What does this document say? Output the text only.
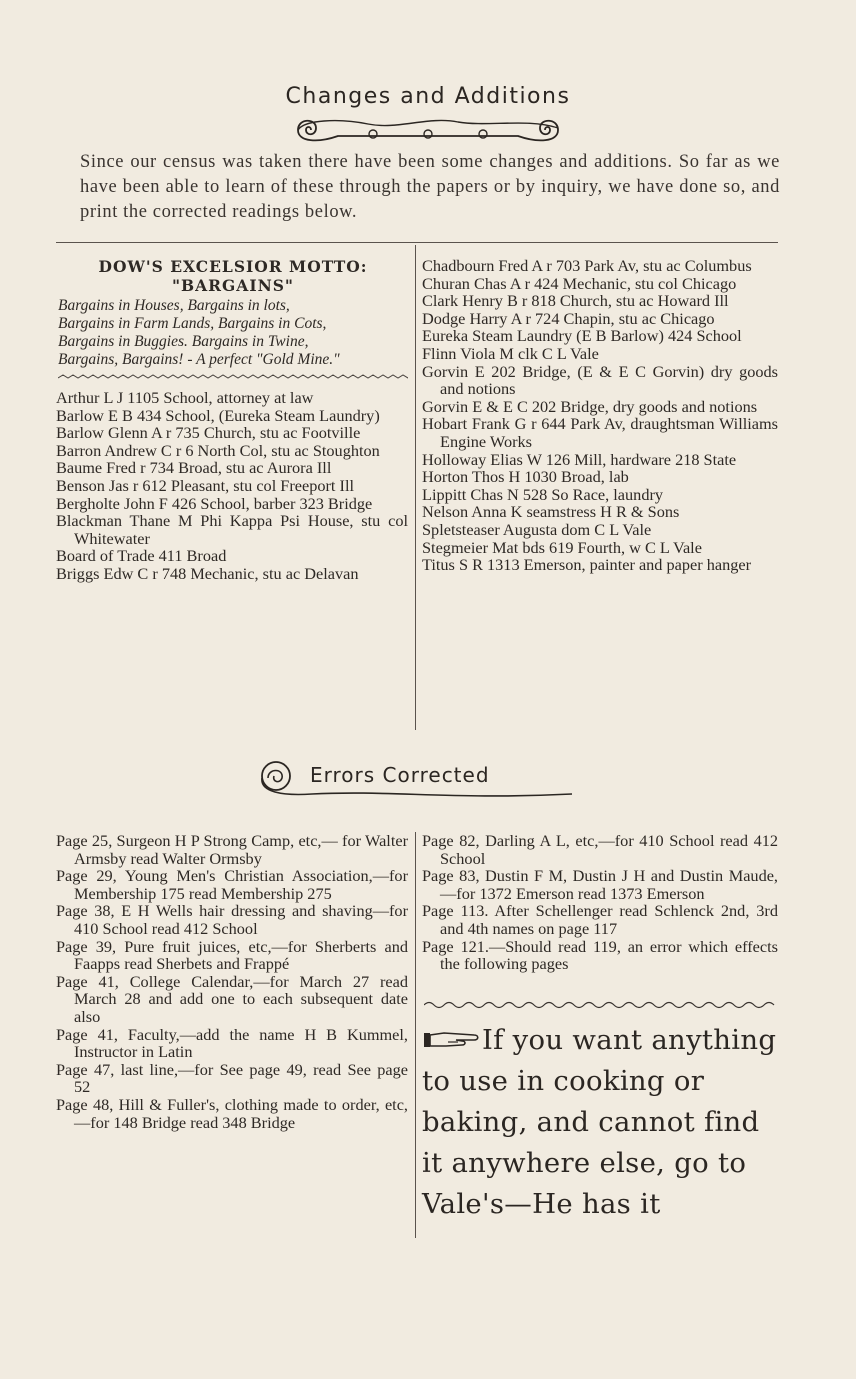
Changes and Additions
Since our census was taken there have been some changes and additions. So far as we have been able to learn of these through the papers or by inquiry, we have done so, and print the corrected readings below.
DOW'S EXCELSIOR MOTTO:
"BARGAINS"
Bargains in Houses, Bargains in lots,
Bargains in Farm Lands, Bargains in Cots,
Bargains in Buggies. Bargains in Twine,
Bargains, Bargains! - A perfect "Gold Mine."

Arthur L J 1105 School, attorney at law

Barlow E B 434 School, (Eureka Steam Laundry)

Barlow Glenn A r 735 Church, stu ac Footville

Barron Andrew C r 6 North Col, stu ac Stoughton

Baume Fred r 734 Broad, stu ac Aurora Ill

Benson Jas r 612 Pleasant, stu col Freeport Ill

Bergholte John F 426 School, barber 323 Bridge

Blackman Thane M Phi Kappa Psi House, stu col Whitewater

Board of Trade 411 Broad

Briggs Edw C r 748 Mechanic, stu ac Delavan

Chadbourn Fred A r 703 Park Av, stu ac Columbus

Churan Chas A r 424 Mechanic, stu col Chicago

Clark Henry B r 818 Church, stu ac Howard Ill

Dodge Harry A r 724 Chapin, stu ac Chicago

Eureka Steam Laundry (E B Barlow) 424 School

Flinn Viola M clk C L Vale

Gorvin E 202 Bridge, (E & E C Gorvin) dry goods and notions

Gorvin E & E C 202 Bridge, dry goods and notions

Hobart Frank G r 644 Park Av, draughtsman Williams Engine Works

Holloway Elias W 126 Mill, hardware 218 State

Horton Thos H 1030 Broad, lab

Lippitt Chas N 528 So Race, laundry

Nelson Anna K seamstress H R & Sons

Spletsteaser Augusta dom C L Vale

Stegmeier Mat bds 619 Fourth, w C L Vale

Titus S R 1313 Emerson, painter and paper hanger

Errors Corrected

Page 25, Surgeon H P Strong Camp, etc,— for Walter Armsby read Walter Ormsby

Page 29, Young Men's Christian Association,—for Membership 175 read Membership 275

Page 38, E H Wells hair dressing and shaving—for 410 School read 412 School

Page 39, Pure fruit juices, etc,—for Sherberts and Faapps read Sherbets and Frappé

Page 41, College Calendar,—for March 27 read March 28 and add one to each subsequent date also

Page 41, Faculty,—add the name H B Kummel, Instructor in Latin

Page 47, last line,—for See page 49, read See page 52

Page 48, Hill & Fuller's, clothing made to order, etc,—for 148 Bridge read 348 Bridge

Page 82, Darling A L, etc,—for 410 School read 412 School

Page 83, Dustin F M, Dustin J H and Dustin Maude,—for 1372 Emerson read 1373 Emerson

Page 113. After Schellenger read Schlenck 2nd, 3rd and 4th names on page 117

Page 121.—Should read 119, an error which effects the following pages

If you want anything to use in cooking or baking, and cannot find it anywhere else, go to Vale's—He has it
